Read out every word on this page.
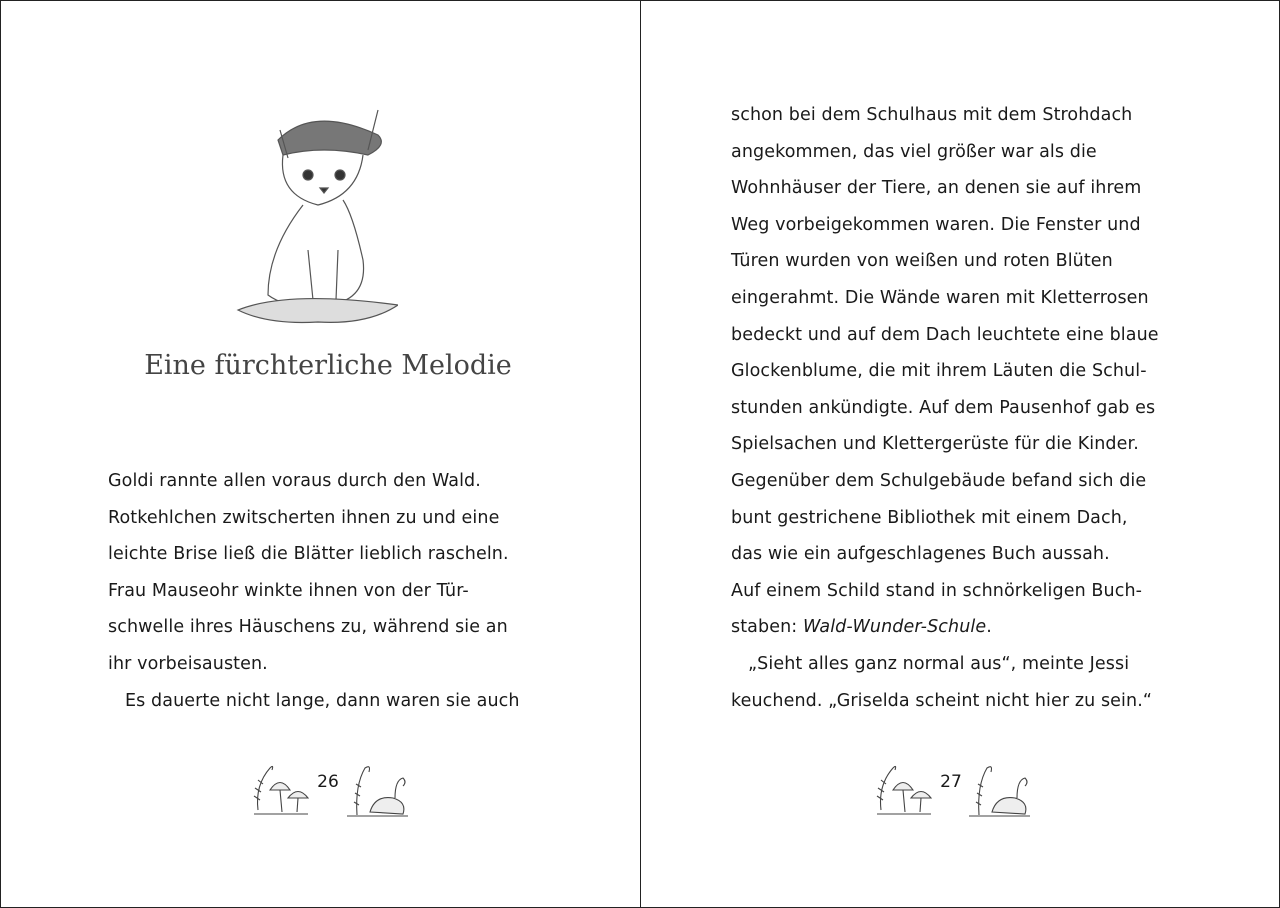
Eine fürchterliche Melodie
Goldi rannte allen voraus durch den Wald.
Rotkehlchen zwitscherten ihnen zu und eine
leichte Brise ließ die Blätter lieblich rascheln.
Frau Mauseohr winkte ihnen von der Tür-
schwelle ihres Häuschens zu, während sie an
ihr vorbeisausten.
Es dauerte nicht lange, dann waren sie auch
26
schon bei dem Schulhaus mit dem Strohdach
angekommen, das viel größer war als die
Wohnhäuser der Tiere, an denen sie auf ihrem
Weg vorbeigekommen waren. Die Fenster und
Türen wurden von weißen und roten Blüten
eingerahmt. Die Wände waren mit Kletterrosen
bedeckt und auf dem Dach leuchtete eine blaue
Glockenblume, die mit ihrem Läuten die Schul-
stunden ankündigte. Auf dem Pausenhof gab es
Spielsachen und Klettergerüste für die Kinder.
Gegenüber dem Schulgebäude befand sich die
bunt gestrichene Bibliothek mit einem Dach,
das wie ein aufgeschlagenes Buch aussah.
Auf einem Schild stand in schnörkeligen Buch-
staben: Wald-Wunder-Schule.
„Sieht alles ganz normal aus“, meinte Jessi
keuchend. „Griselda scheint nicht hier zu sein.“
27
